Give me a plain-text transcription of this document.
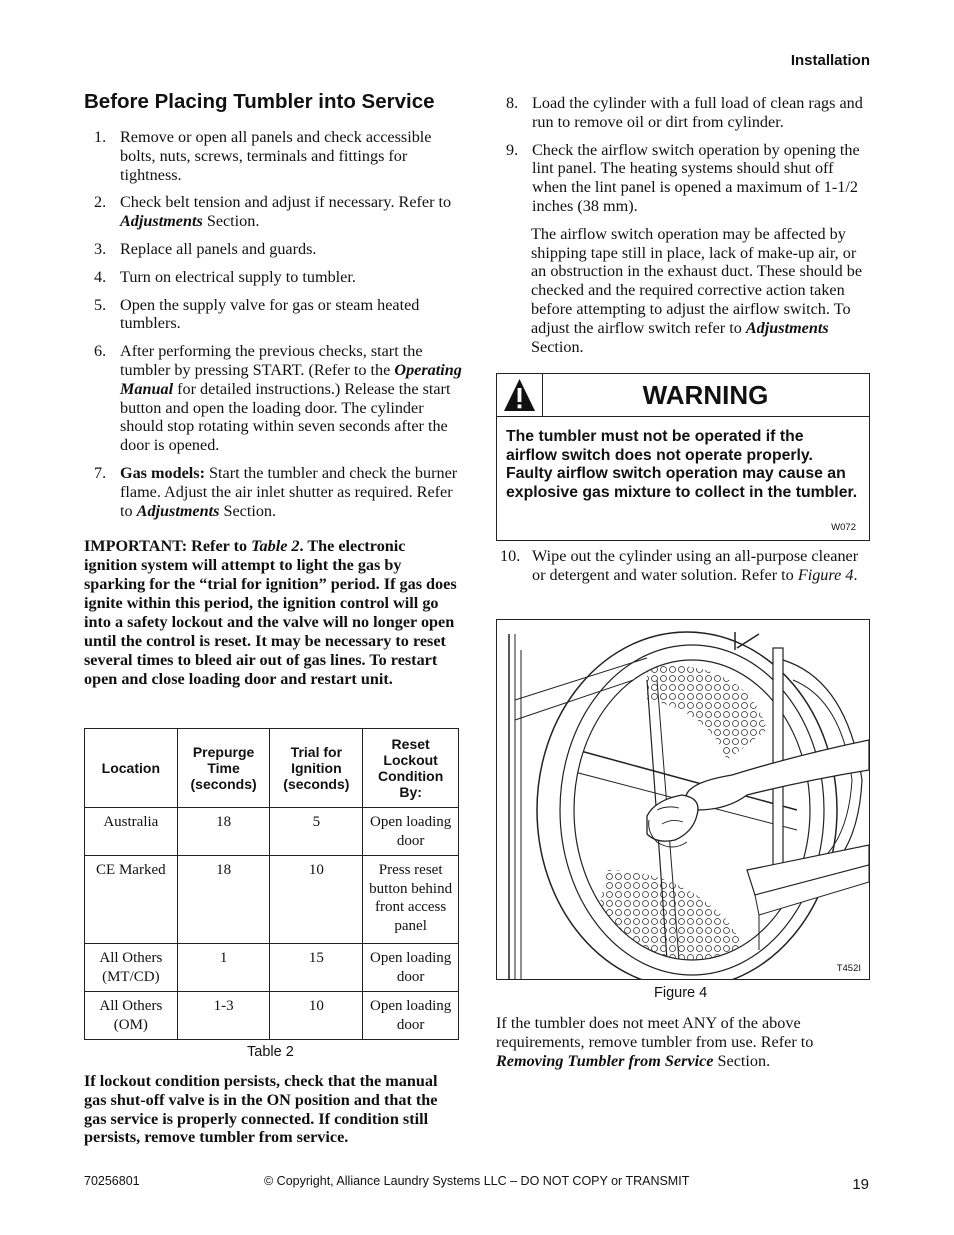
Installation
Before Placing Tumbler into Service
1. Remove or open all panels and check accessible bolts, nuts, screws, terminals and fittings for tightness.
2. Check belt tension and adjust if necessary. Refer to Adjustments Section.
3. Replace all panels and guards.
4. Turn on electrical supply to tumbler.
5. Open the supply valve for gas or steam heated tumblers.
6. After performing the previous checks, start the tumbler by pressing START. (Refer to the Operating Manual for detailed instructions.) Release the start button and open the loading door. The cylinder should stop rotating within seven seconds after the door is opened.
7. Gas models: Start the tumbler and check the burner flame. Adjust the air inlet shutter as required. Refer to Adjustments Section.

IMPORTANT: Refer to Table 2. The electronic ignition system will attempt to light the gas by sparking for the “trial for ignition” period. If gas does ignite within this period, the ignition control will go into a safety lockout and the valve will no longer open until the control is reset. It may be necessary to reset several times to bleed air out of gas lines. To restart open and close loading door and restart unit.

Location	Prepurge Time (seconds)	Trial for Ignition (seconds)	Reset Lockout Condition By:
Australia	18	5	Open loading door
CE Marked	18	10	Press reset button behind front access panel
All Others (MT/CD)	1	15	Open loading door
All Others (OM)	1-3	10	Open loading door
Table 2
If lockout condition persists, check that the manual gas shut-off valve is in the ON position and that the gas service is properly connected. If condition still persists, remove tumbler from service.
8. Load the cylinder with a full load of clean rags and run to remove oil or dirt from cylinder.
9. Check the airflow switch operation by opening the lint panel. The heating systems should shut off when the lint panel is opened a maximum of 1-1/2 inches (38 mm).

The airflow switch operation may be affected by shipping tape still in place, lack of make-up air, or an obstruction in the exhaust duct. These should be checked and the required corrective action taken before attempting to adjust the airflow switch. To adjust the airflow switch refer to Adjustments Section.

WARNING
The tumbler must not be operated if the airflow switch does not operate properly. Faulty airflow switch operation may cause an explosive gas mixture to collect in the tumbler.
W072
10. Wipe out the cylinder using an all-purpose cleaner or detergent and water solution. Refer to Figure 4.
T452I
Figure 4
If the tumbler does not meet ANY of the above requirements, remove tumbler from use. Refer to Removing Tumbler from Service Section.
70256801	© Copyright, Alliance Laundry Systems LLC – DO NOT COPY or TRANSMIT	19
